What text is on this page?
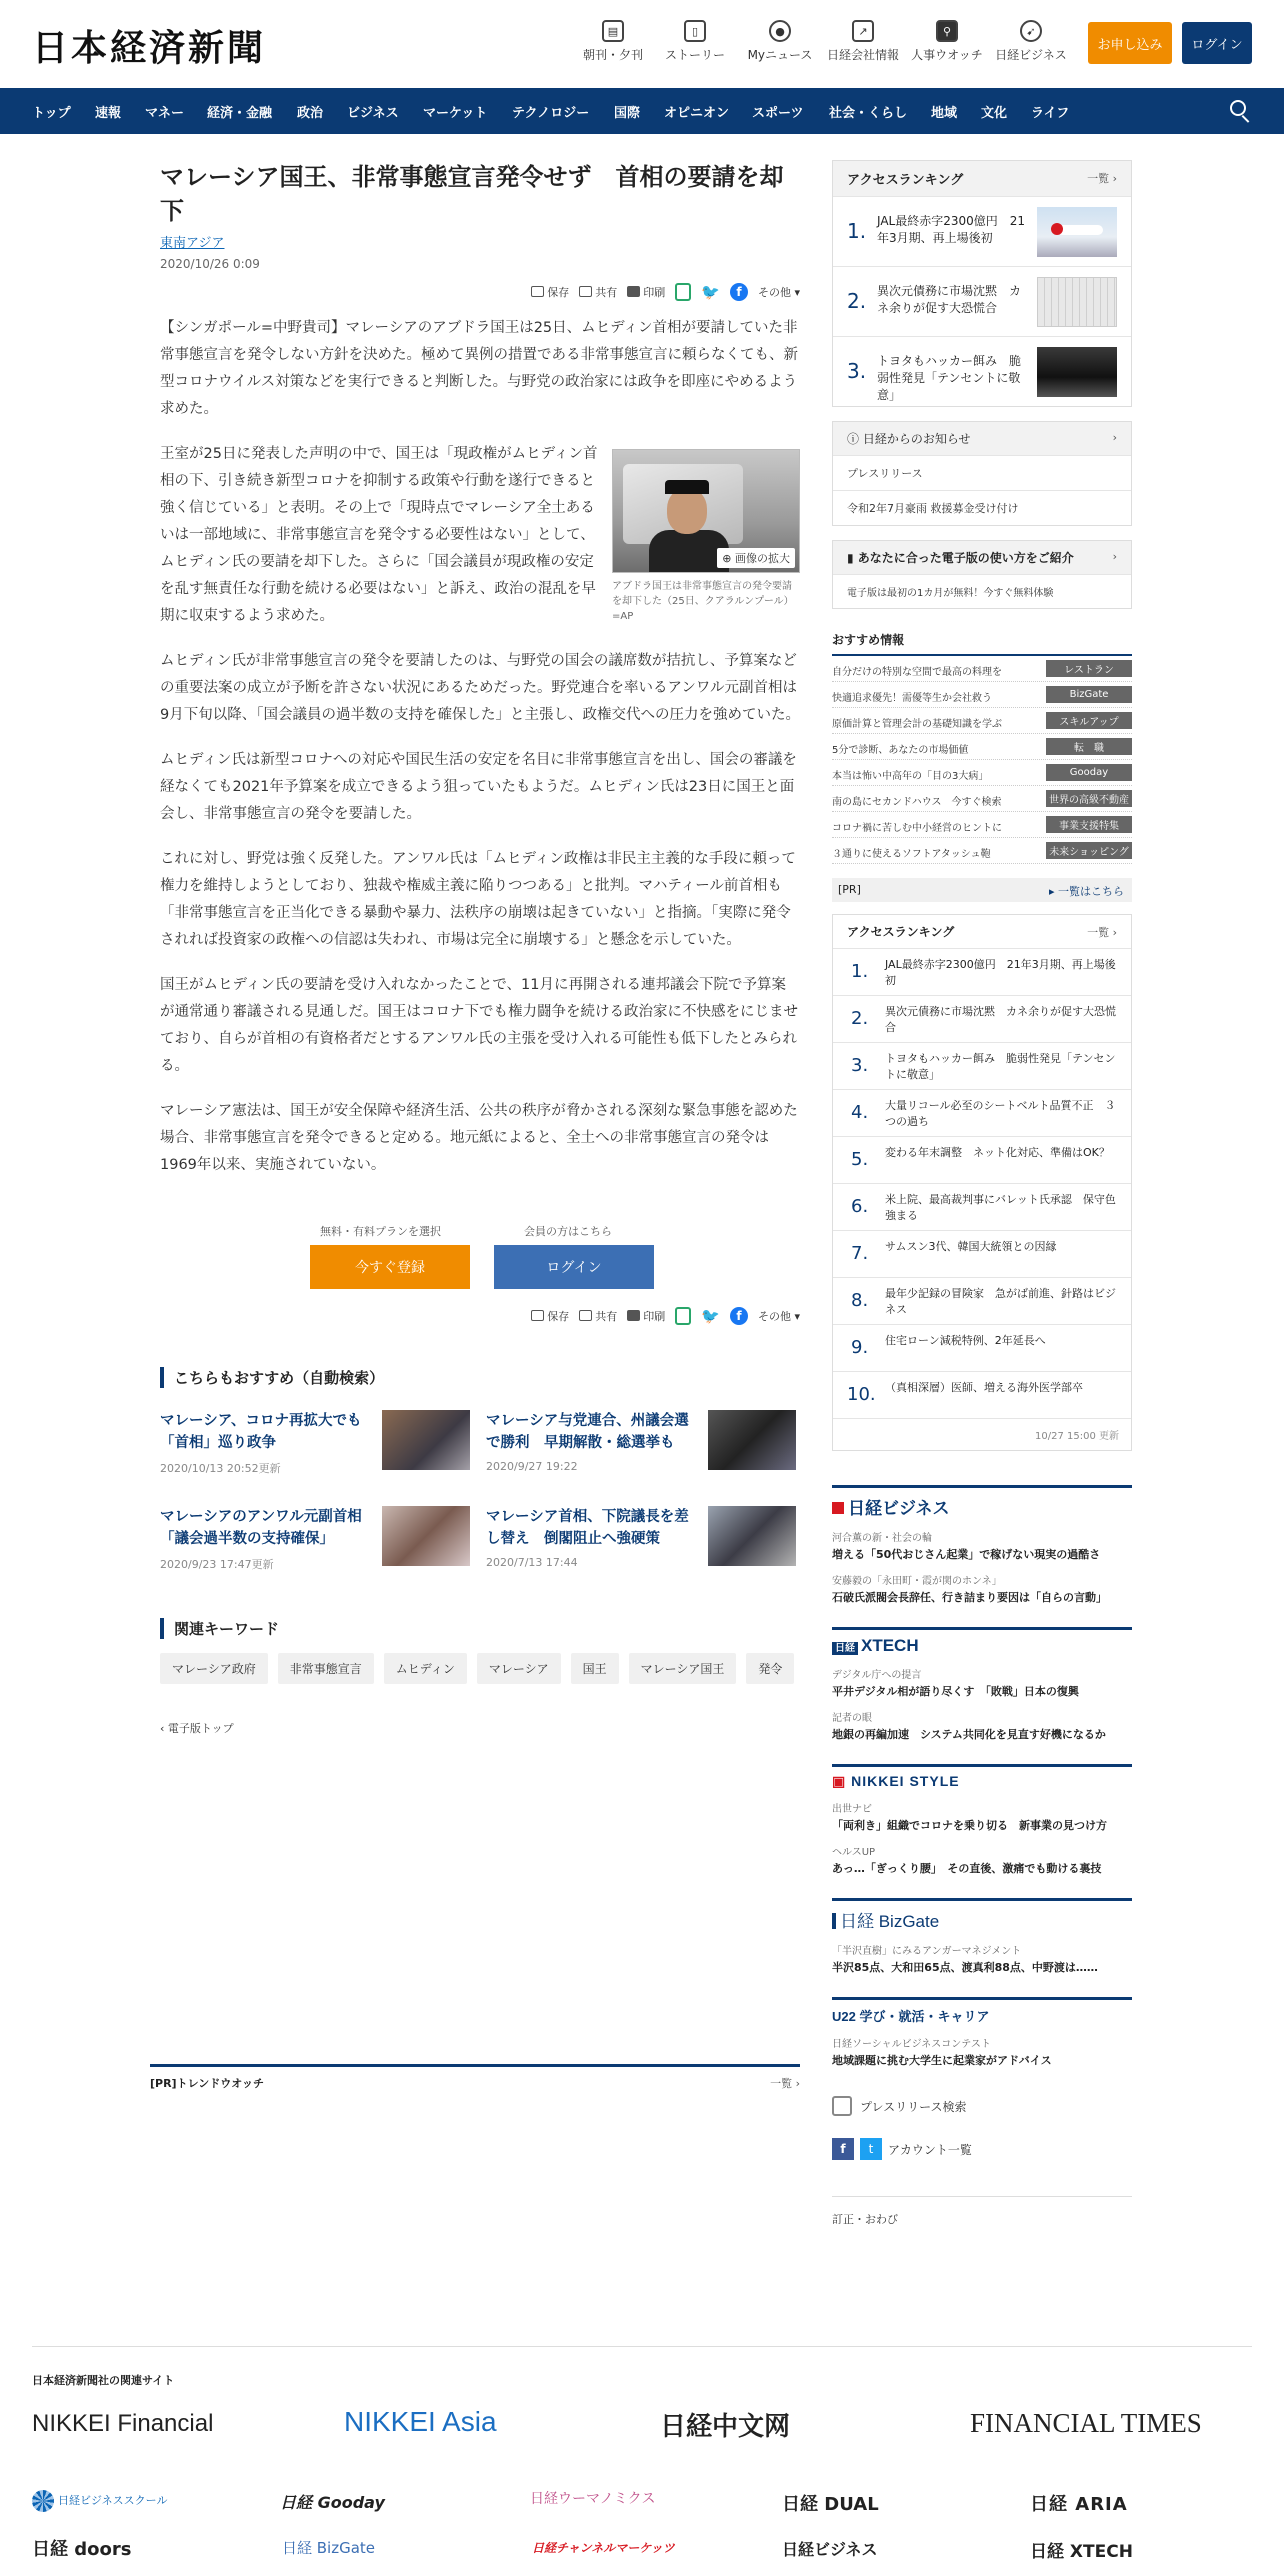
日本経済新聞	▤
朝刊・夕刊
▯
ストーリー
●
Myニュース
↗
日経会社情報
⚲
人事ウオッチ
➹
日経ビジネス
お申し込み	ログイン
トップ 速報 マネー 経済・金融 政治 ビジネス マーケット テクノロジー 国際 オピニオン スポーツ 社会・くらし 地域 文化 ライフ
マレーシア国王、非常事態宣言発令せず　首相の要請を却下
東南アジア
2020/10/26 0:09
保存	共有	印刷 🐦	f	その他 ▾

【シンガポール=中野貴司】マレーシアのアブドラ国王は25日、ムヒディン首相が要請していた非常事態宣言を発令しない方針を決めた。極めて異例の措置である非常事態宣言に頼らなくても、新型コロナウイルス対策などを実行できると判断した。与野党の政治家には政争を即座にやめるよう求めた。

⊕ 画像の拡大
アブドラ国王は非常事態宣言の発令要請を却下した（25日、クアラルンプール）=AP

王室が25日に発表した声明の中で、国王は「現政権がムヒディン首相の下、引き続き新型コロナを抑制する政策や行動を遂行できると強く信じている」と表明。その上で「現時点でマレーシア全土あるいは一部地域に、非常事態宣言を発令する必要性はない」として、ムヒディン氏の要請を却下した。さらに「国会議員が現政権の安定を乱す無責任な行動を続ける必要はない」と訴え、政治の混乱を早期に収束するよう求めた。

ムヒディン氏が非常事態宣言の発令を要請したのは、与野党の国会の議席数が拮抗し、予算案などの重要法案の成立が予断を許さない状況にあるためだった。野党連合を率いるアンワル元副首相は9月下旬以降、「国会議員の過半数の支持を確保した」と主張し、政権交代への圧力を強めていた。

ムヒディン氏は新型コロナへの対応や国民生活の安定を名目に非常事態宣言を出し、国会の審議を経なくても2021年予算案を成立できるよう狙っていたもようだ。ムヒディン氏は23日に国王と面会し、非常事態宣言の発令を要請した。

これに対し、野党は強く反発した。アンワル氏は「ムヒディン政権は非民主主義的な手段に頼って権力を維持しようとしており、独裁や権威主義に陥りつつある」と批判。マハティール前首相も「非常事態宣言を正当化できる暴動や暴力、法秩序の崩壊は起きていない」と指摘。「実際に発令されれば投資家の政権への信認は失われ、市場は完全に崩壊する」と懸念を示していた。

国王がムヒディン氏の要請を受け入れなかったことで、11月に再開される連邦議会下院で予算案が通常通り審議される見通しだ。国王はコロナ下でも権力闘争を続ける政治家に不快感をにじませており、自らが首相の有資格者だとするアンワル氏の主張を受け入れる可能性も低下したとみられる。

マレーシア憲法は、国王が安全保障や経済生活、公共の秩序が脅かされる深刻な緊急事態を認めた場合、非常事態宣言を発令できると定める。地元紙によると、全土への非常事態宣言の発令は1969年以来、実施されていない。

無料・有料プランを選択
今すぐ登録
会員の方はこちら
ログイン
保存	共有	印刷 🐦	f	その他 ▾
こちらもおすすめ（自動検索）
マレーシア、コロナ再拡大でも「首相」巡り政争
2020/10/13 20:52更新
マレーシア与党連合、州議会選で勝利　早期解散・総選挙も
2020/9/27 19:22
マレーシアのアンワル元副首相「議会過半数の支持確保」
2020/9/23 17:47更新
マレーシア首相、下院議長を差し替え　倒閣阻止へ強硬策
2020/7/13 17:44
関連キーワード
マレーシア政府	非常事態宣言	ムヒディン	マレーシア	国王	マレーシア国王	発令
‹ 電子版トップ
[PR]トレンドウオッチ	一覧 ›
アクセスランキング	一覧 ›
1. JAL最終赤字2300億円　21年3月期、再上場後初
2. 異次元債務に市場沈黙　カネ余りが促す大恐慌合
3. トヨタもハッカー餌み　脆弱性発見「テンセントに敬意」
ⓘ 日経からのお知らせ	›
プレスリリース
令和2年7月豪雨 救援募金受け付け
▮ あなたに合った電子版の使い方をご紹介	›
電子版は最初の1カ月が無料！今すぐ無料体験
おすすめ情報
自分だけの特別な空間で最高の料理を	レストラン
快適追求優先！需優等生か会社救う	BizGate
原価計算と管理会計の基礎知識を学ぶ	スキルアップ
5分で診断、あなたの市場価値	転　職
本当は怖い中高年の「目の3大病」	Gooday
南の島にセカンドハウス　今すぐ検索	世界の高級不動産
コロナ禍に苦しむ中小経営のヒントに	事業支援特集
３通りに使えるソフトアタッシュ鞄	未来ショッピング
[PR]	▸ 一覧はこちら
アクセスランキング	一覧 ›
1. JAL最終赤字2300億円　21年3月期、再上場後初
2. 異次元債務に市場沈黙　カネ余りが促す大恐慌合
3. トヨタもハッカー餌み　脆弱性発見「テンセントに敬意」
4. 大量リコール必至のシートベルト品質不正　３つの過ち
5. 変わる年末調整　ネット化対応、準備はOK？
6. 米上院、最高裁判事にバレット氏承認　保守色強まる
7. サムスン3代、韓国大統領との因縁
8. 最年少記録の冒険家　急がば前進、針路はビジネス
9. 住宅ローン減税特例、2年延長へ
10. （真相深層）医師、増える海外医学部卒
10/27 15:00 更新
日経ビジネス
河合薫の新・社会の輪
増える「50代おじさん起業」で稼げない現実の過酷さ
安藤毅の「永田町・霞が関のホンネ」
石破氏派閥会長辞任、行き詰まり要因は「自らの言動」
日経 XTECH
デジタル庁への提言
平井デジタル相が語り尽くす　「敗戦」日本の復興
記者の眼
地銀の再編加速　システム共同化を見直す好機になるか
▣ NIKKEI STYLE
出世ナビ
「両利き」組織でコロナを乗り切る　新事業の見つけ方
ヘルスUP
あっ…「ぎっくり腰」　その直後、激痛でも動ける裏技
日経 BizGate
「半沢直樹」にみるアンガーマネジメント
半沢85点、大和田65点、渡真利88点、中野渡は……
U22 学び・就活・キャリア
日経ソーシャルビジネスコンテスト
地域課題に挑む大学生に起業家がアドバイス
プレスリリース検索
f	t	アカウント一覧
訂正・おわび
日本経済新聞社の関連サイト
NIKKEI Financial	NIKKEI Asia	日経中文网	FINANCIAL TIMES
日経ビジネススクール	日経 Gooday	日経ウーマノミクス	日経 DUAL	日経 ARIA
日経 doors	日経 BizGate	日経チャンネルマーケッツ	日経ビジネス	日経 XTECH
